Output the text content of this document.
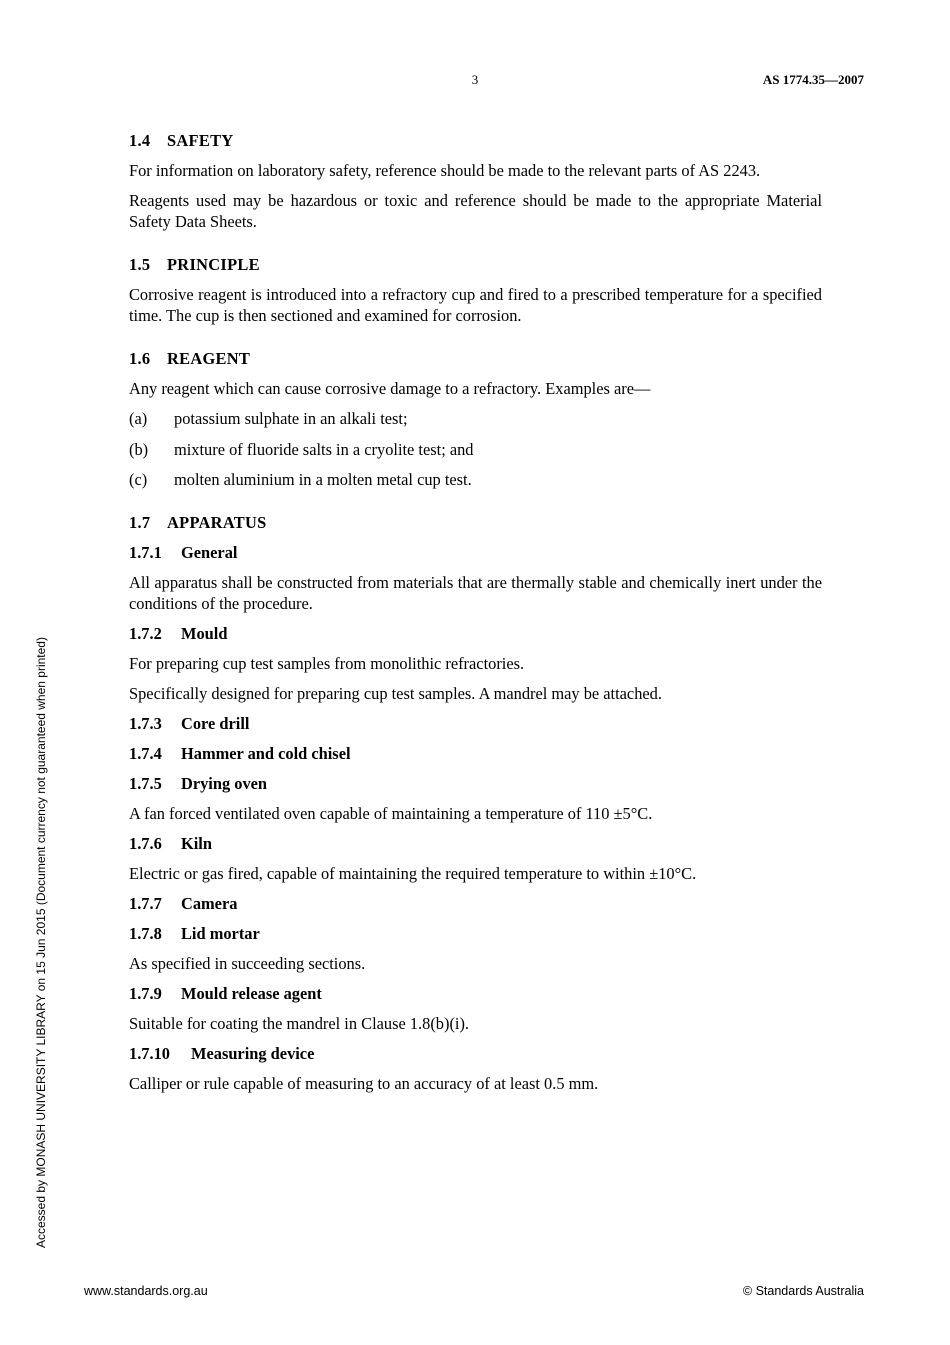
3	AS 1774.35—2007
Accessed by MONASH UNIVERSITY LIBRARY on 15 Jun 2015 (Document currency not guaranteed when printed)
1.4 SAFETY
For information on laboratory safety, reference should be made to the relevant parts of AS 2243.
Reagents used may be hazardous or toxic and reference should be made to the appropriate Material Safety Data Sheets.
1.5 PRINCIPLE
Corrosive reagent is introduced into a refractory cup and fired to a prescribed temperature for a specified time. The cup is then sectioned and examined for corrosion.
1.6 REAGENT
Any reagent which can cause corrosive damage to a refractory. Examples are—
(a) potassium sulphate in an alkali test;
(b) mixture of fluoride salts in a cryolite test; and
(c) molten aluminium in a molten metal cup test.
1.7 APPARATUS
1.7.1 General
All apparatus shall be constructed from materials that are thermally stable and chemically inert under the conditions of the procedure.
1.7.2 Mould
For preparing cup test samples from monolithic refractories.
Specifically designed for preparing cup test samples. A mandrel may be attached.
1.7.3 Core drill
1.7.4 Hammer and cold chisel
1.7.5 Drying oven
A fan forced ventilated oven capable of maintaining a temperature of 110 ±5°C.
1.7.6 Kiln
Electric or gas fired, capable of maintaining the required temperature to within ±10°C.
1.7.7 Camera
1.7.8 Lid mortar
As specified in succeeding sections.
1.7.9 Mould release agent
Suitable for coating the mandrel in Clause 1.8(b)(i).
1.7.10 Measuring device
Calliper or rule capable of measuring to an accuracy of at least 0.5 mm.
www.standards.org.au	© Standards Australia
